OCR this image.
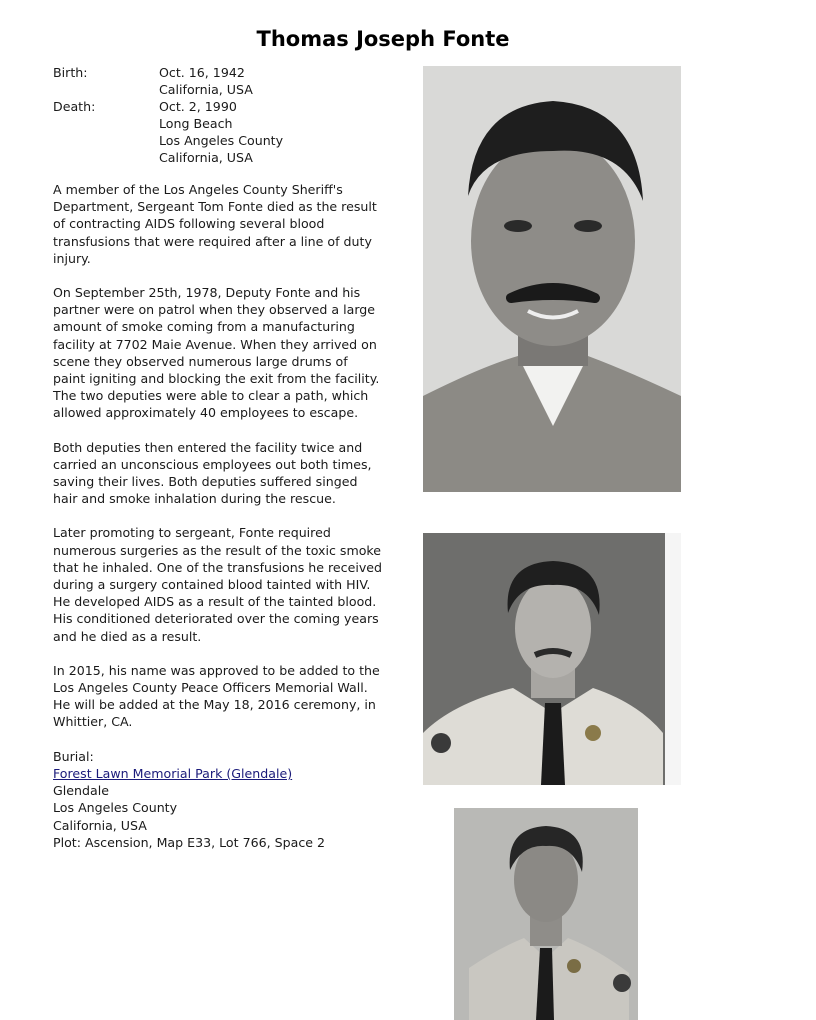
Thomas Joseph Fonte
Birth:	Oct. 16, 1942
California, USA
Death:	Oct. 2, 1990
Long Beach
Los Angeles County
California, USA

A member of the Los Angeles County Sheriff's Department, Sergeant Tom Fonte died as the result of contracting AIDS following several blood transfusions that were required after a line of duty injury.

On September 25th, 1978, Deputy Fonte and his partner were on patrol when they observed a large amount of smoke coming from a manufacturing facility at 7702 Maie Avenue. When they arrived on scene they observed numerous large drums of paint igniting and blocking the exit from the facility. The two deputies were able to clear a path, which allowed approximately 40 employees to escape.

Both deputies then entered the facility twice and carried an unconscious employees out both times, saving their lives. Both deputies suffered singed hair and smoke inhalation during the rescue.

Later promoting to sergeant, Fonte required numerous surgeries as the result of the toxic smoke that he inhaled. One of the transfusions he received during a surgery contained blood tainted with HIV. He developed AIDS as a result of the tainted blood. His conditioned deteriorated over the coming years and he died as a result.

In 2015, his name was approved to be added to the Los Angeles County Peace Officers Memorial Wall. He will be added at the May 18, 2016 ceremony, in Whittier, CA.

Burial:
Forest Lawn Memorial Park (Glendale)
Glendale
Los Angeles County
California, USA
Plot: Ascension, Map E33, Lot 766, Space 2
